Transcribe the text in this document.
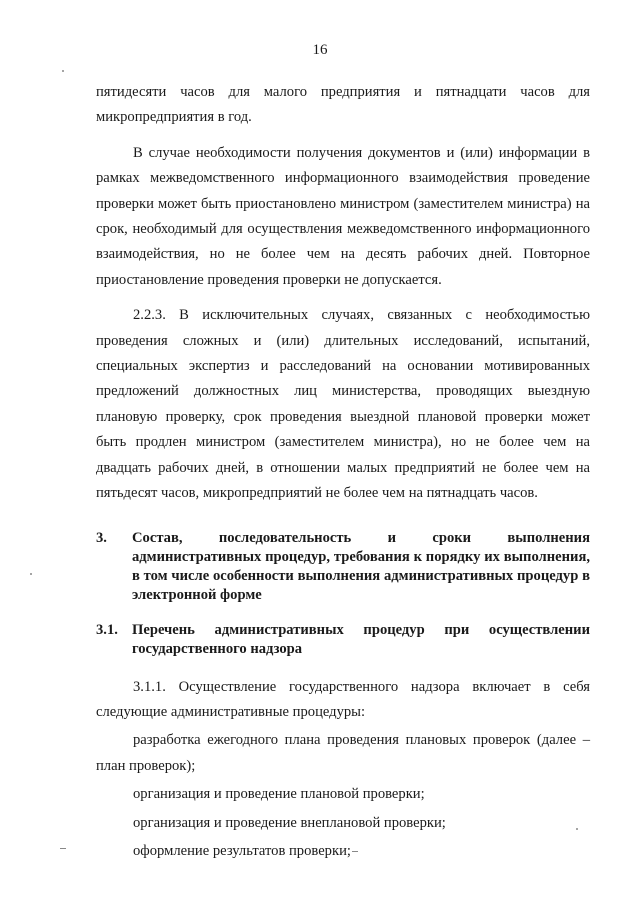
16

пятидесяти часов для малого предприятия и пятнадцати часов для микропредприятия в год.

В случае необходимости получения документов и (или) информации в рамках межведомственного информационного взаимодействия проведение проверки может быть приостановлено министром (заместителем министра) на срок, необходимый для осуществления межведомственного информационного взаимодействия, но не более чем на десять рабочих дней. Повторное приостановление проведения проверки не допускается.

2.2.3. В исключительных случаях, связанных с необходимостью проведения сложных и (или) длительных исследований, испытаний, специальных экспертиз и расследований на основании мотивированных предложений должностных лиц министерства, проводящих выездную плановую проверку, срок проведения выездной плановой проверки может быть продлен министром (заместителем министра), но не более чем на двадцать рабочих дней, в отношении малых предприятий не более чем на пятьдесят часов, микропредприятий не более чем на пятнадцать часов.

3. Состав, последовательность и сроки выполнения административных процедур, требования к порядку их выполнения, в том числе особенности выполнения административных процедур в электронной форме

3.1. Перечень административных процедур при осуществлении государственного надзора

3.1.1. Осуществление государственного надзора включает в себя следующие административные процедуры:

разработка ежегодного плана проведения плановых проверок (далее – план проверок);

организация и проведение плановой проверки;

организация и проведение внеплановой проверки;

оформление результатов проверки;
